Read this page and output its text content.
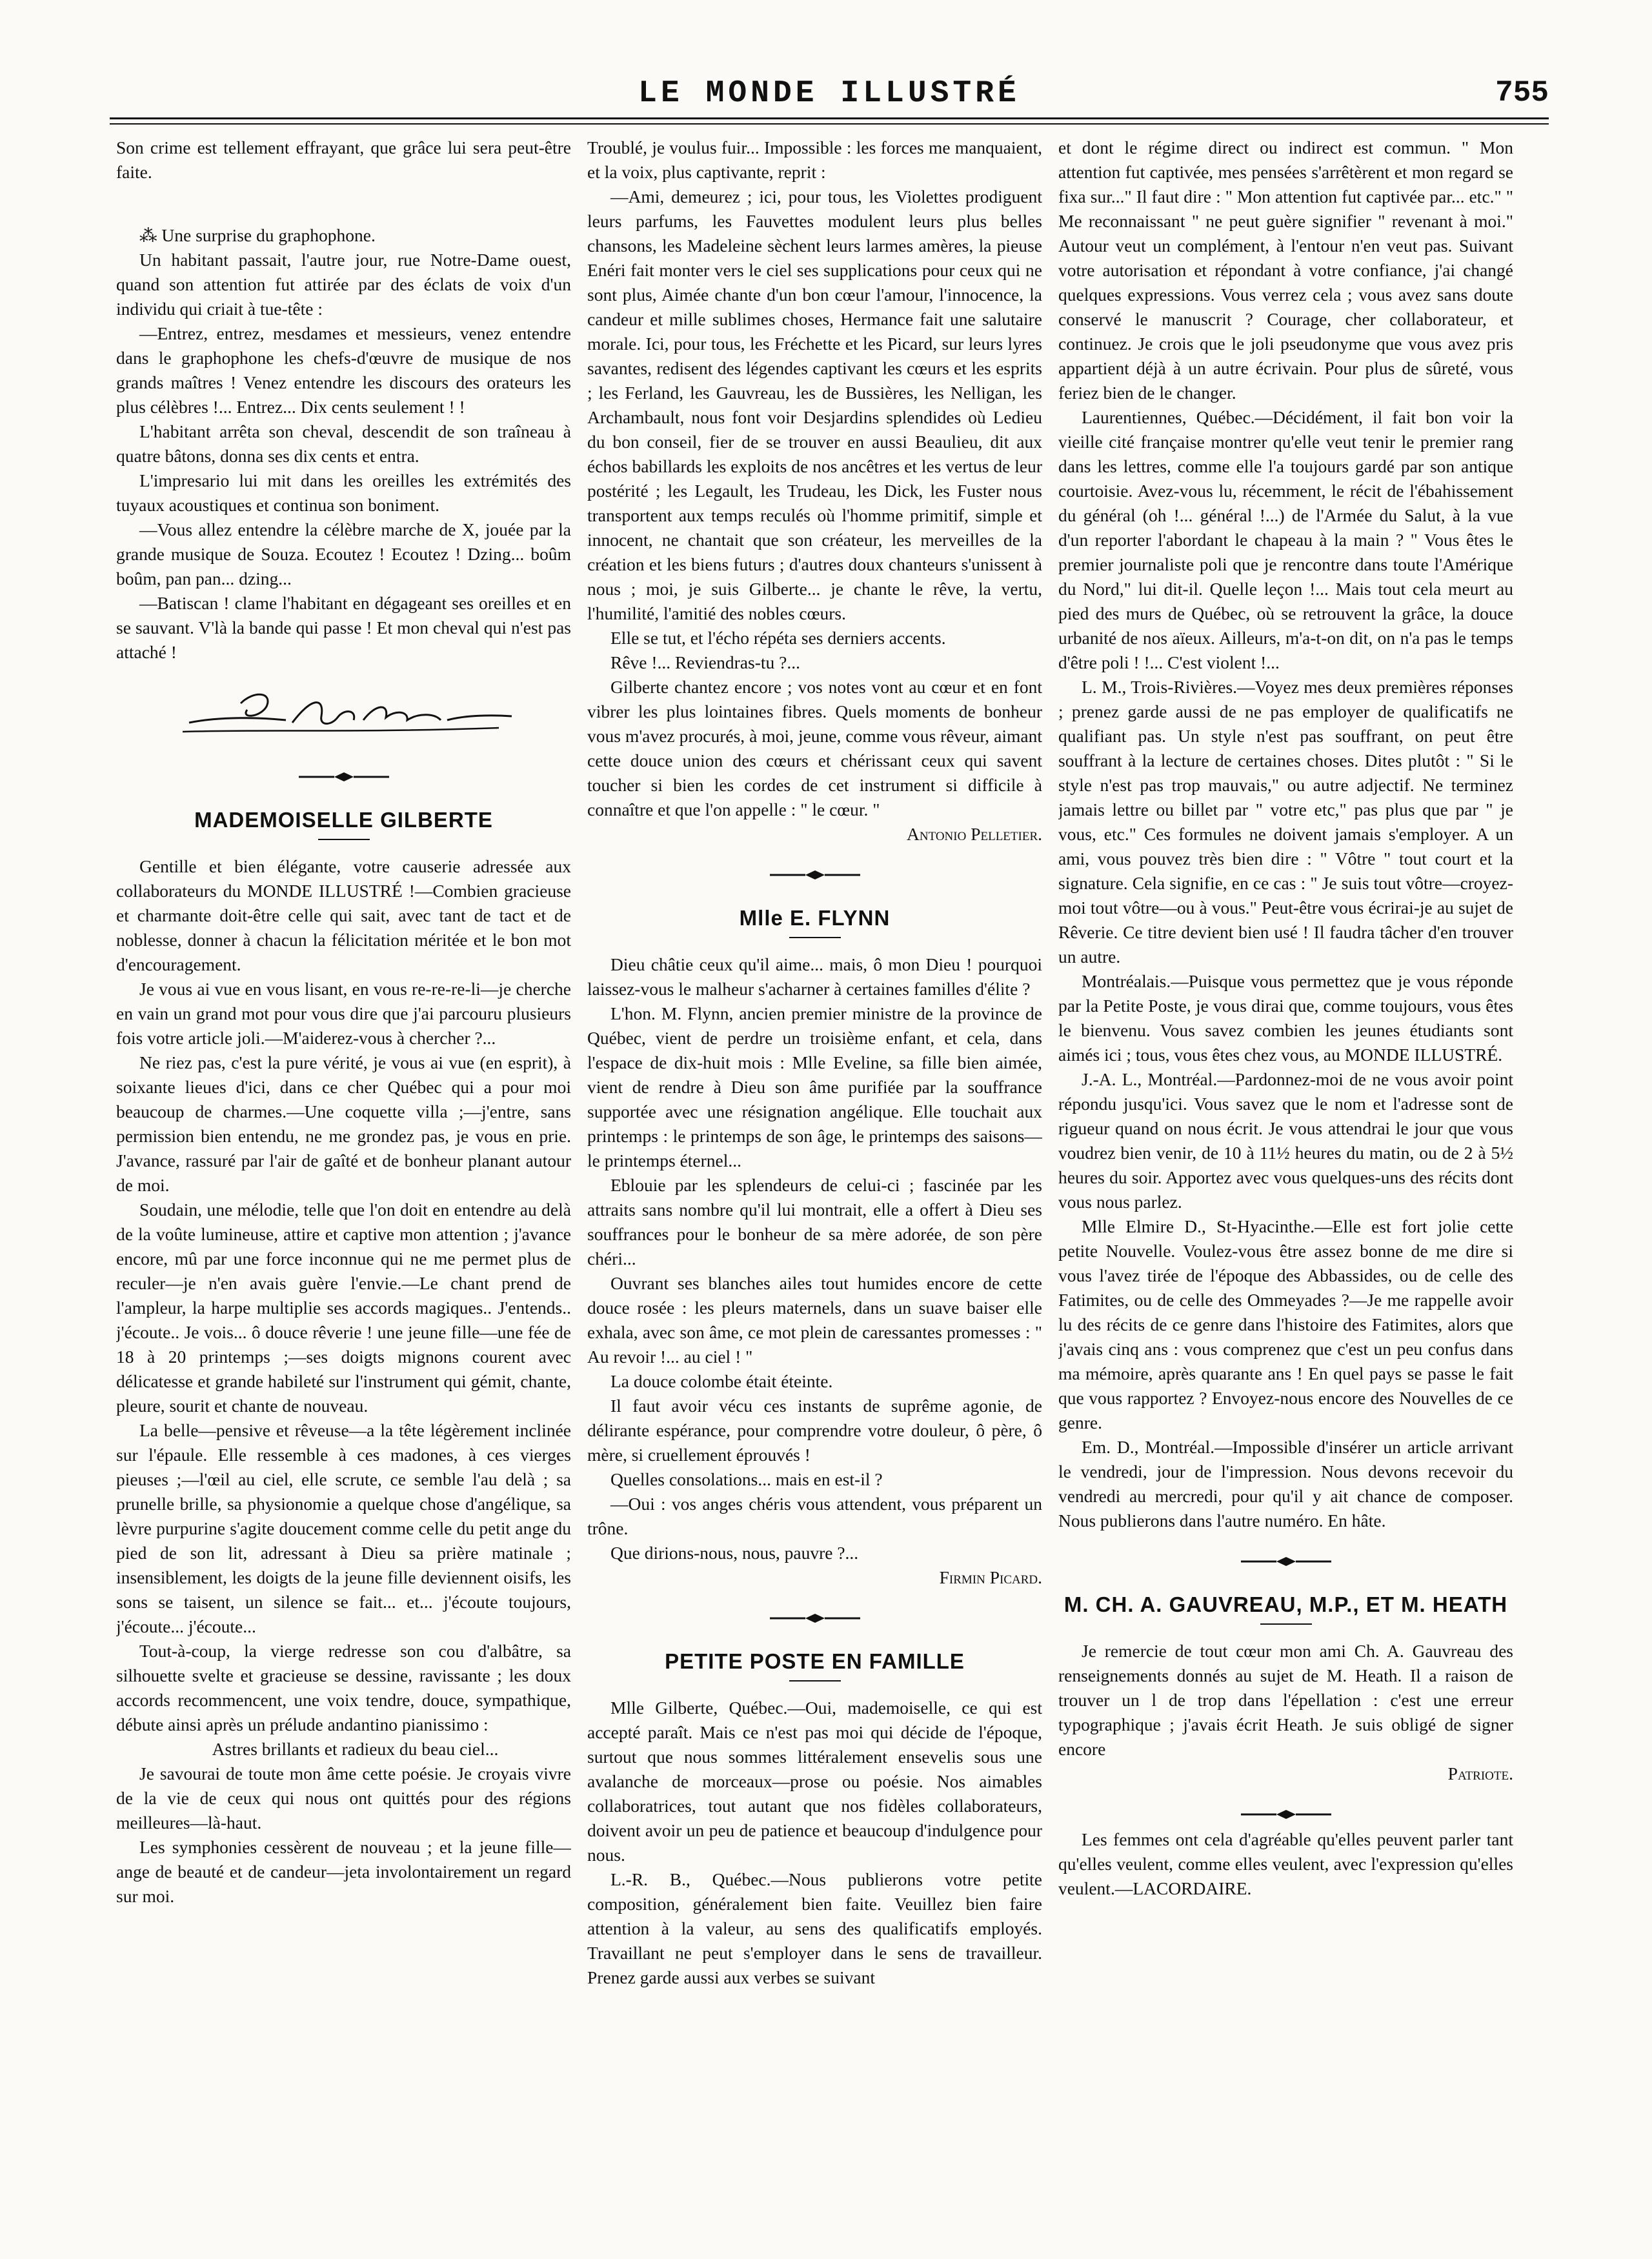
LE MONDE ILLUSTRÉ	755

Son crime est tellement effrayant, que grâce lui sera peut-être faite.

⁂ Une surprise du graphophone.

Un habitant passait, l'autre jour, rue Notre-Dame ouest, quand son attention fut attirée par des éclats de voix d'un individu qui criait à tue-tête :

—Entrez, entrez, mesdames et messieurs, venez entendre dans le graphophone les chefs-d'œuvre de musique de nos grands maîtres ! Venez entendre les discours des orateurs les plus célèbres !... Entrez... Dix cents seulement ! !

L'habitant arrêta son cheval, descendit de son traîneau à quatre bâtons, donna ses dix cents et entra.

L'impresario lui mit dans les oreilles les extrémités des tuyaux acoustiques et continua son boniment.

—Vous allez entendre la célèbre marche de X, jouée par la grande musique de Souza. Ecoutez ! Ecoutez ! Dzing... boûm boûm, pan pan... dzing...

—Batiscan ! clame l'habitant en dégageant ses oreilles et en se sauvant. V'là la bande qui passe ! Et mon cheval qui n'est pas attaché !

MADEMOISELLE GILBERTE

Gentille et bien élégante, votre causerie adressée aux collaborateurs du MONDE ILLUSTRÉ !—Combien gracieuse et charmante doit-être celle qui sait, avec tant de tact et de noblesse, donner à chacun la félicitation méritée et le bon mot d'encouragement.

Je vous ai vue en vous lisant, en vous re-re-re-li—je cherche en vain un grand mot pour vous dire que j'ai parcouru plusieurs fois votre article joli.—M'aiderez-vous à chercher ?...

Ne riez pas, c'est la pure vérité, je vous ai vue (en esprit), à soixante lieues d'ici, dans ce cher Québec qui a pour moi beaucoup de charmes.—Une coquette villa ;—j'entre, sans permission bien entendu, ne me grondez pas, je vous en prie. J'avance, rassuré par l'air de gaîté et de bonheur planant autour de moi.

Soudain, une mélodie, telle que l'on doit en entendre au delà de la voûte lumineuse, attire et captive mon attention ; j'avance encore, mû par une force inconnue qui ne me permet plus de reculer—je n'en avais guère l'envie.—Le chant prend de l'ampleur, la harpe multiplie ses accords magiques.. J'entends.. j'écoute.. Je vois... ô douce rêverie ! une jeune fille—une fée de 18 à 20 printemps ;—ses doigts mignons courent avec délicatesse et grande habileté sur l'instrument qui gémit, chante, pleure, sourit et chante de nouveau.

La belle—pensive et rêveuse—a la tête légèrement inclinée sur l'épaule. Elle ressemble à ces madones, à ces vierges pieuses ;—l'œil au ciel, elle scrute, ce semble l'au delà ; sa prunelle brille, sa physionomie a quelque chose d'angélique, sa lèvre purpurine s'agite doucement comme celle du petit ange du pied de son lit, adressant à Dieu sa prière matinale ; insensiblement, les doigts de la jeune fille deviennent oisifs, les sons se taisent, un silence se fait... et... j'écoute toujours, j'écoute... j'écoute...

Tout-à-coup, la vierge redresse son cou d'albâtre, sa silhouette svelte et gracieuse se dessine, ravissante ; les doux accords recommencent, une voix tendre, douce, sympathique, débute ainsi après un prélude andantino pianissimo :

Astres brillants et radieux du beau ciel...

Je savourai de toute mon âme cette poésie. Je croyais vivre de la vie de ceux qui nous ont quittés pour des régions meilleures—là-haut.

Les symphonies cessèrent de nouveau ; et la jeune fille—ange de beauté et de candeur—jeta involontairement un regard sur moi.

Troublé, je voulus fuir... Impossible : les forces me manquaient, et la voix, plus captivante, reprit :

—Ami, demeurez ; ici, pour tous, les Violettes prodiguent leurs parfums, les Fauvettes modulent leurs plus belles chansons, les Madeleine sèchent leurs larmes amères, la pieuse Enéri fait monter vers le ciel ses supplications pour ceux qui ne sont plus, Aimée chante d'un bon cœur l'amour, l'innocence, la candeur et mille sublimes choses, Hermance fait une salutaire morale. Ici, pour tous, les Fréchette et les Picard, sur leurs lyres savantes, redisent des légendes captivant les cœurs et les esprits ; les Ferland, les Gauvreau, les de Bussières, les Nelligan, les Archambault, nous font voir Desjardins splendides où Ledieu du bon conseil, fier de se trouver en aussi Beaulieu, dit aux échos babillards les exploits de nos ancêtres et les vertus de leur postérité ; les Legault, les Trudeau, les Dick, les Fuster nous transportent aux temps reculés où l'homme primitif, simple et innocent, ne chantait que son créateur, les merveilles de la création et les biens futurs ; d'autres doux chanteurs s'unissent à nous ; moi, je suis Gilberte... je chante le rêve, la vertu, l'humilité, l'amitié des nobles cœurs.

Elle se tut, et l'écho répéta ses derniers accents.

Rêve !... Reviendras-tu ?...

Gilberte chantez encore ; vos notes vont au cœur et en font vibrer les plus lointaines fibres. Quels moments de bonheur vous m'avez procurés, à moi, jeune, comme vous rêveur, aimant cette douce union des cœurs et chérissant ceux qui savent toucher si bien les cordes de cet instrument si difficile à connaître et que l'on appelle : " le cœur. "

Antonio Pelletier.

Mlle E. FLYNN

Dieu châtie ceux qu'il aime... mais, ô mon Dieu ! pourquoi laissez-vous le malheur s'acharner à certaines familles d'élite ?

L'hon. M. Flynn, ancien premier ministre de la province de Québec, vient de perdre un troisième enfant, et cela, dans l'espace de dix-huit mois : Mlle Eveline, sa fille bien aimée, vient de rendre à Dieu son âme purifiée par la souffrance supportée avec une résignation angélique. Elle touchait aux printemps : le printemps de son âge, le printemps des saisons—le printemps éternel...

Eblouie par les splendeurs de celui-ci ; fascinée par les attraits sans nombre qu'il lui montrait, elle a offert à Dieu ses souffrances pour le bonheur de sa mère adorée, de son père chéri...

Ouvrant ses blanches ailes tout humides encore de cette douce rosée : les pleurs maternels, dans un suave baiser elle exhala, avec son âme, ce mot plein de caressantes promesses : " Au revoir !... au ciel ! "

La douce colombe était éteinte.

Il faut avoir vécu ces instants de suprême agonie, de délirante espérance, pour comprendre votre douleur, ô père, ô mère, si cruellement éprouvés !

Quelles consolations... mais en est-il ?

—Oui : vos anges chéris vous attendent, vous préparent un trône.

Que dirions-nous, nous, pauvre ?...

Firmin Picard.

PETITE POSTE EN FAMILLE

Mlle Gilberte, Québec.—Oui, mademoiselle, ce qui est accepté paraît. Mais ce n'est pas moi qui décide de l'époque, surtout que nous sommes littéralement ensevelis sous une avalanche de morceaux—prose ou poésie. Nos aimables collaboratrices, tout autant que nos fidèles collaborateurs, doivent avoir un peu de patience et beaucoup d'indulgence pour nous.

L.-R. B., Québec.—Nous publierons votre petite composition, généralement bien faite. Veuillez bien faire attention à la valeur, au sens des qualificatifs employés. Travaillant ne peut s'employer dans le sens de travailleur. Prenez garde aussi aux verbes se suivant

et dont le régime direct ou indirect est commun. " Mon attention fut captivée, mes pensées s'arrêtèrent et mon regard se fixa sur..." Il faut dire : " Mon attention fut captivée par... etc." " Me reconnaissant " ne peut guère signifier " revenant à moi." Autour veut un complément, à l'entour n'en veut pas. Suivant votre autorisation et répondant à votre confiance, j'ai changé quelques expressions. Vous verrez cela ; vous avez sans doute conservé le manuscrit ? Courage, cher collaborateur, et continuez. Je crois que le joli pseudonyme que vous avez pris appartient déjà à un autre écrivain. Pour plus de sûreté, vous feriez bien de le changer.

Laurentiennes, Québec.—Décidément, il fait bon voir la vieille cité française montrer qu'elle veut tenir le premier rang dans les lettres, comme elle l'a toujours gardé par son antique courtoisie. Avez-vous lu, récemment, le récit de l'ébahissement du général (oh !... général !...) de l'Armée du Salut, à la vue d'un reporter l'abordant le chapeau à la main ? " Vous êtes le premier journaliste poli que je rencontre dans toute l'Amérique du Nord," lui dit-il. Quelle leçon !... Mais tout cela meurt au pied des murs de Québec, où se retrouvent la grâce, la douce urbanité de nos aïeux. Ailleurs, m'a-t-on dit, on n'a pas le temps d'être poli ! !... C'est violent !...

L. M., Trois-Rivières.—Voyez mes deux premières réponses ; prenez garde aussi de ne pas employer de qualificatifs ne qualifiant pas. Un style n'est pas souffrant, on peut être souffrant à la lecture de certaines choses. Dites plutôt : " Si le style n'est pas trop mauvais," ou autre adjectif. Ne terminez jamais lettre ou billet par " votre etc," pas plus que par " je vous, etc." Ces formules ne doivent jamais s'employer. A un ami, vous pouvez très bien dire : " Vôtre " tout court et la signature. Cela signifie, en ce cas : " Je suis tout vôtre—croyez-moi tout vôtre—ou à vous." Peut-être vous écrirai-je au sujet de Rêverie. Ce titre devient bien usé ! Il faudra tâcher d'en trouver un autre.

Montréalais.—Puisque vous permettez que je vous réponde par la Petite Poste, je vous dirai que, comme toujours, vous êtes le bienvenu. Vous savez combien les jeunes étudiants sont aimés ici ; tous, vous êtes chez vous, au MONDE ILLUSTRÉ.

J.-A. L., Montréal.—Pardonnez-moi de ne vous avoir point répondu jusqu'ici. Vous savez que le nom et l'adresse sont de rigueur quand on nous écrit. Je vous attendrai le jour que vous voudrez bien venir, de 10 à 11½ heures du matin, ou de 2 à 5½ heures du soir. Apportez avec vous quelques-uns des récits dont vous nous parlez.

Mlle Elmire D., St-Hyacinthe.—Elle est fort jolie cette petite Nouvelle. Voulez-vous être assez bonne de me dire si vous l'avez tirée de l'époque des Abbassides, ou de celle des Fatimites, ou de celle des Ommeyades ?—Je me rappelle avoir lu des récits de ce genre dans l'histoire des Fatimites, alors que j'avais cinq ans : vous comprenez que c'est un peu confus dans ma mémoire, après quarante ans ! En quel pays se passe le fait que vous rapportez ? Envoyez-nous encore des Nouvelles de ce genre.

Em. D., Montréal.—Impossible d'insérer un article arrivant le vendredi, jour de l'impression. Nous devons recevoir du vendredi au mercredi, pour qu'il y ait chance de composer. Nous publierons dans l'autre numéro. En hâte.

M. CH. A. GAUVREAU, M.P., ET M. HEATH

Je remercie de tout cœur mon ami Ch. A. Gauvreau des renseignements donnés au sujet de M. Heath. Il a raison de trouver un l de trop dans l'épellation : c'est une erreur typographique ; j'avais écrit Heath. Je suis obligé de signer encore

Patriote.

Les femmes ont cela d'agréable qu'elles peuvent parler tant qu'elles veulent, comme elles veulent, avec l'expression qu'elles veulent.—LACORDAIRE.
